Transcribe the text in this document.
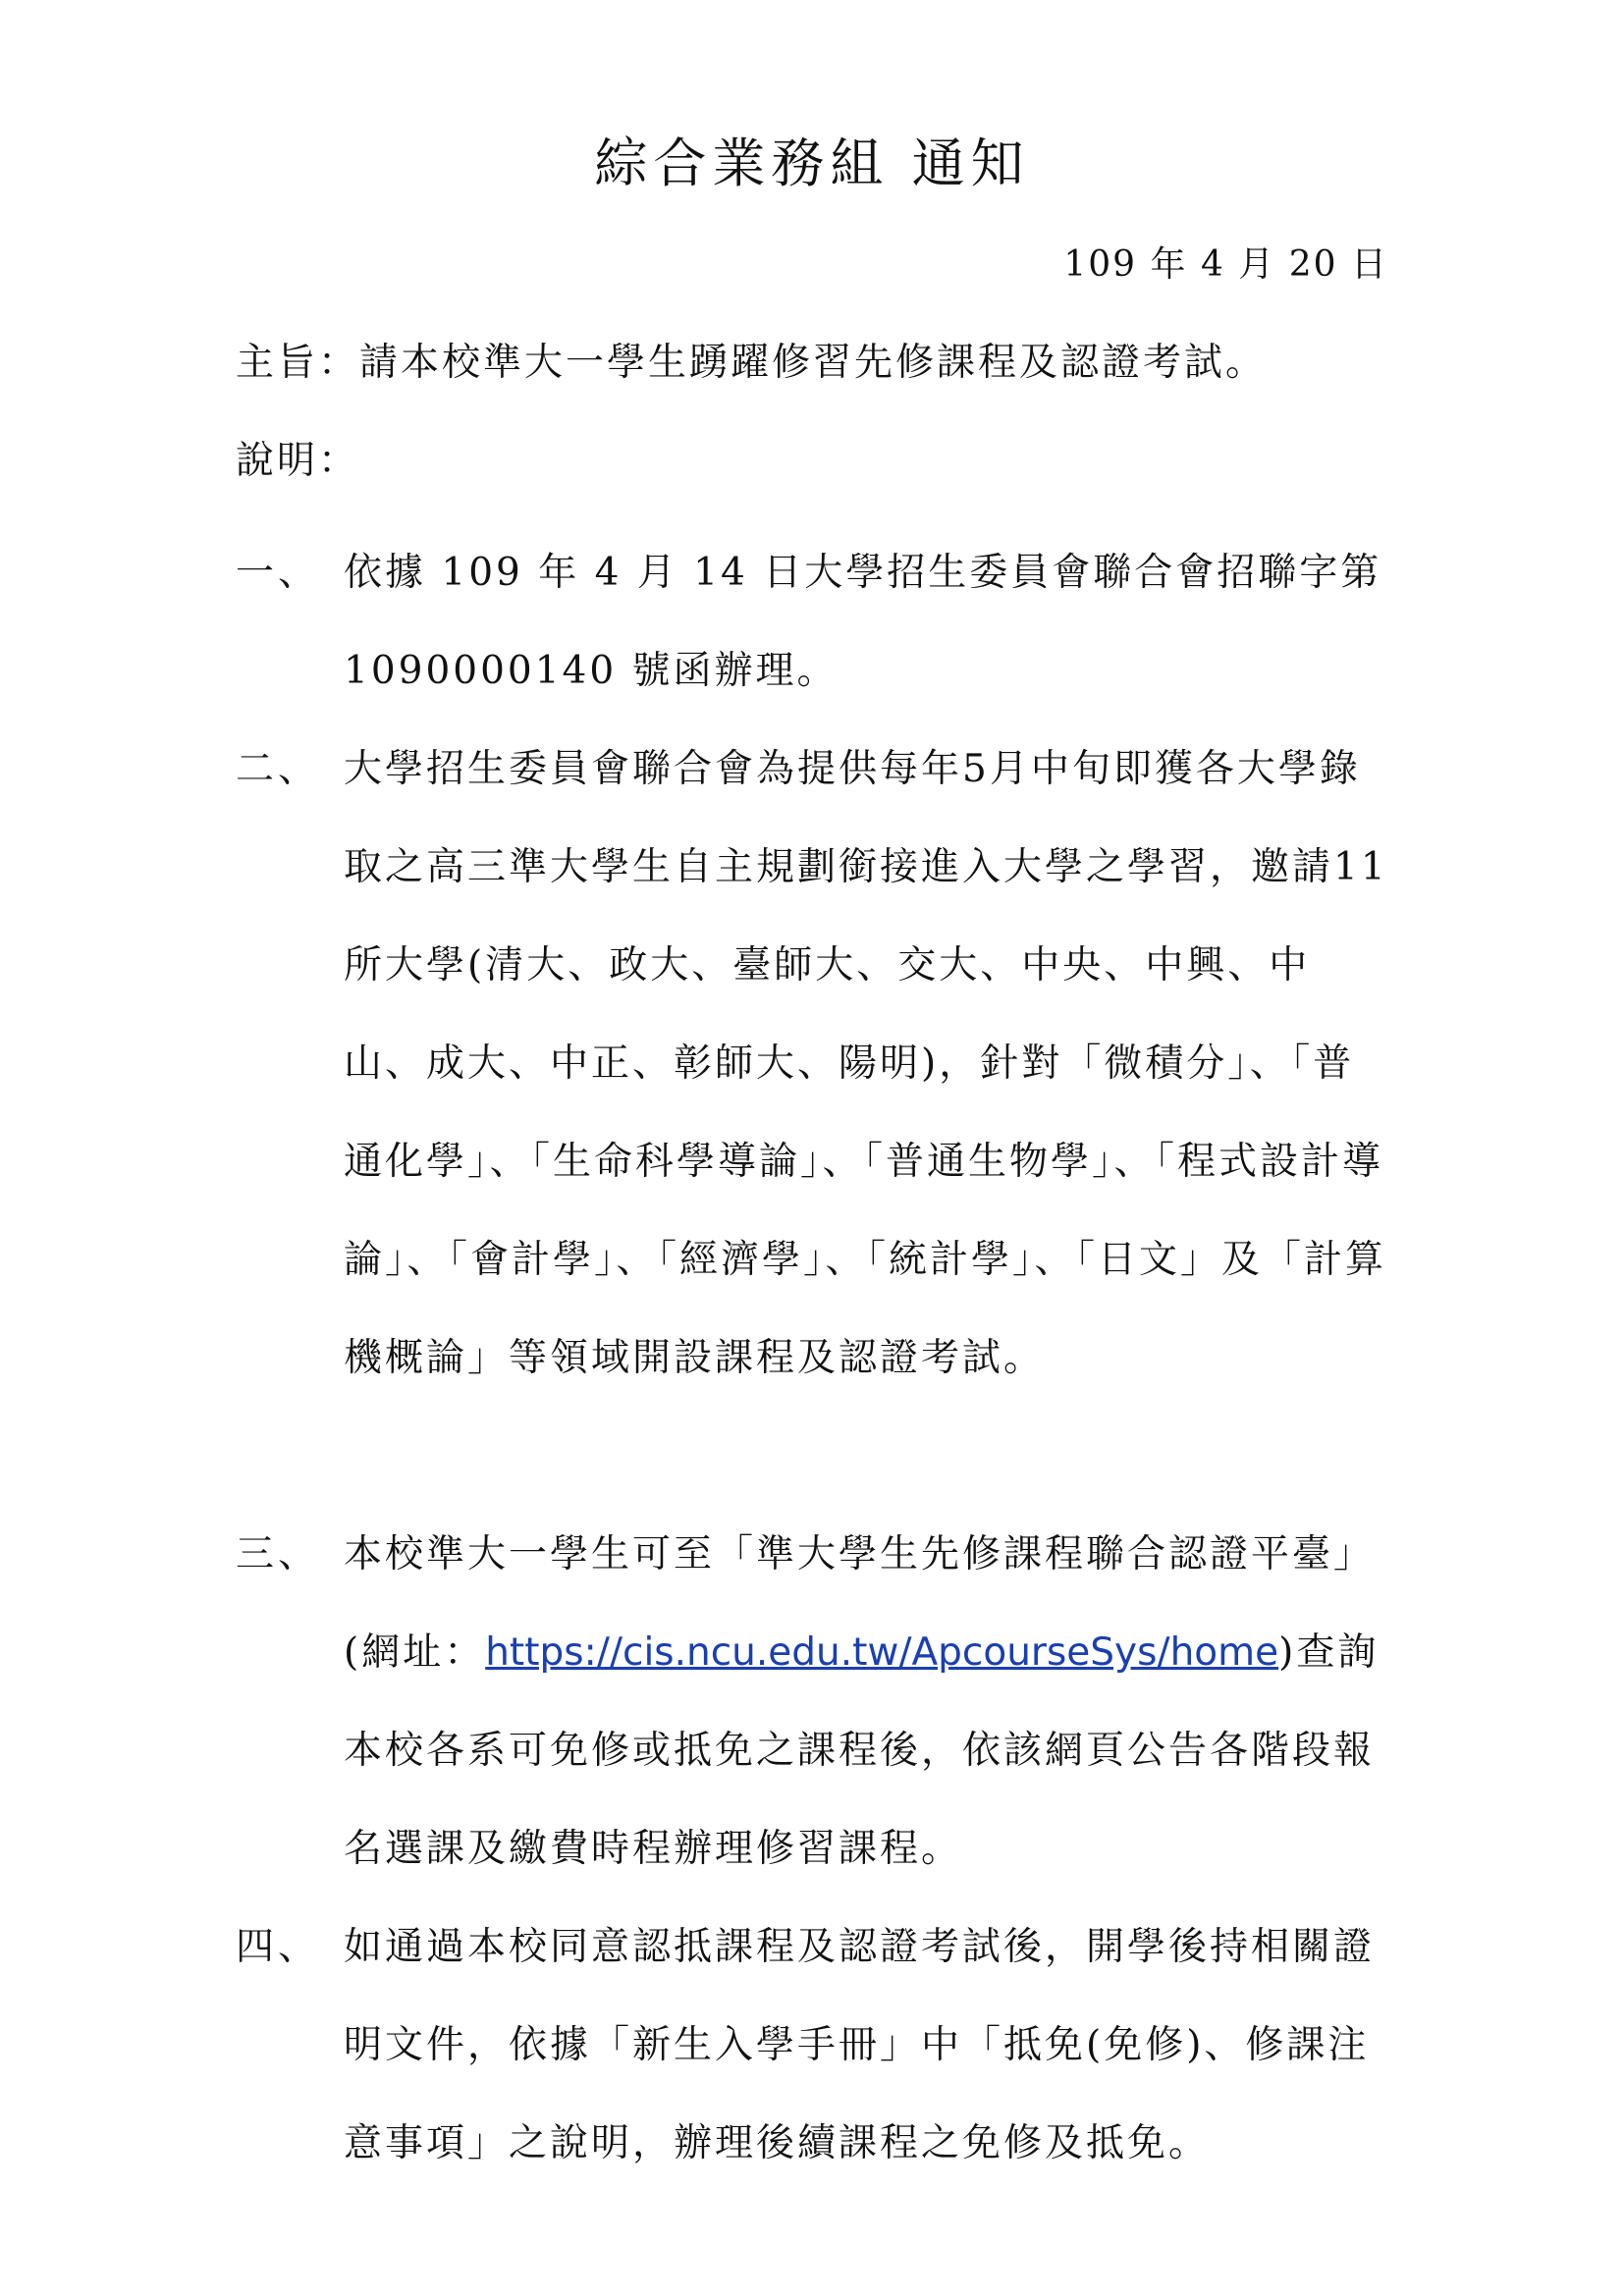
綜合業務組 通知
109 年 4 月 20 日
主旨：請本校準大一學生踴躍修習先修課程及認證考試。
說明：
一、 依據 109 年 4 月 14 日大學招生委員會聯合會招聯字第 1090000140 號函辦理。
二、 大學招生委員會聯合會為提供每年5月中旬即獲各大學錄取之高三準大學生自主規劃銜接進入大學之學習，邀請11所大學(清大、政大、臺師大、交大、中央、中興、中山、成大、中正、彰師大、陽明)，針對「微積分」、「普通化學」、「生命科學導論」、「普通生物學」、「程式設計導論」、「會計學」、「經濟學」、「統計學」、「日文」及「計算機概論」等領域開設課程及認證考試。
三、 本校準大一學生可至「準大學生先修課程聯合認證平臺」(網址：https://cis.ncu.edu.tw/ApcourseSys/home)查詢本校各系可免修或抵免之課程後，依該網頁公告各階段報名選課及繳費時程辦理修習課程。
四、 如通過本校同意認抵課程及認證考試後，開學後持相關證明文件，依據「新生入學手冊」中「抵免(免修)、修課注意事項」之說明，辦理後續課程之免修及抵免。
